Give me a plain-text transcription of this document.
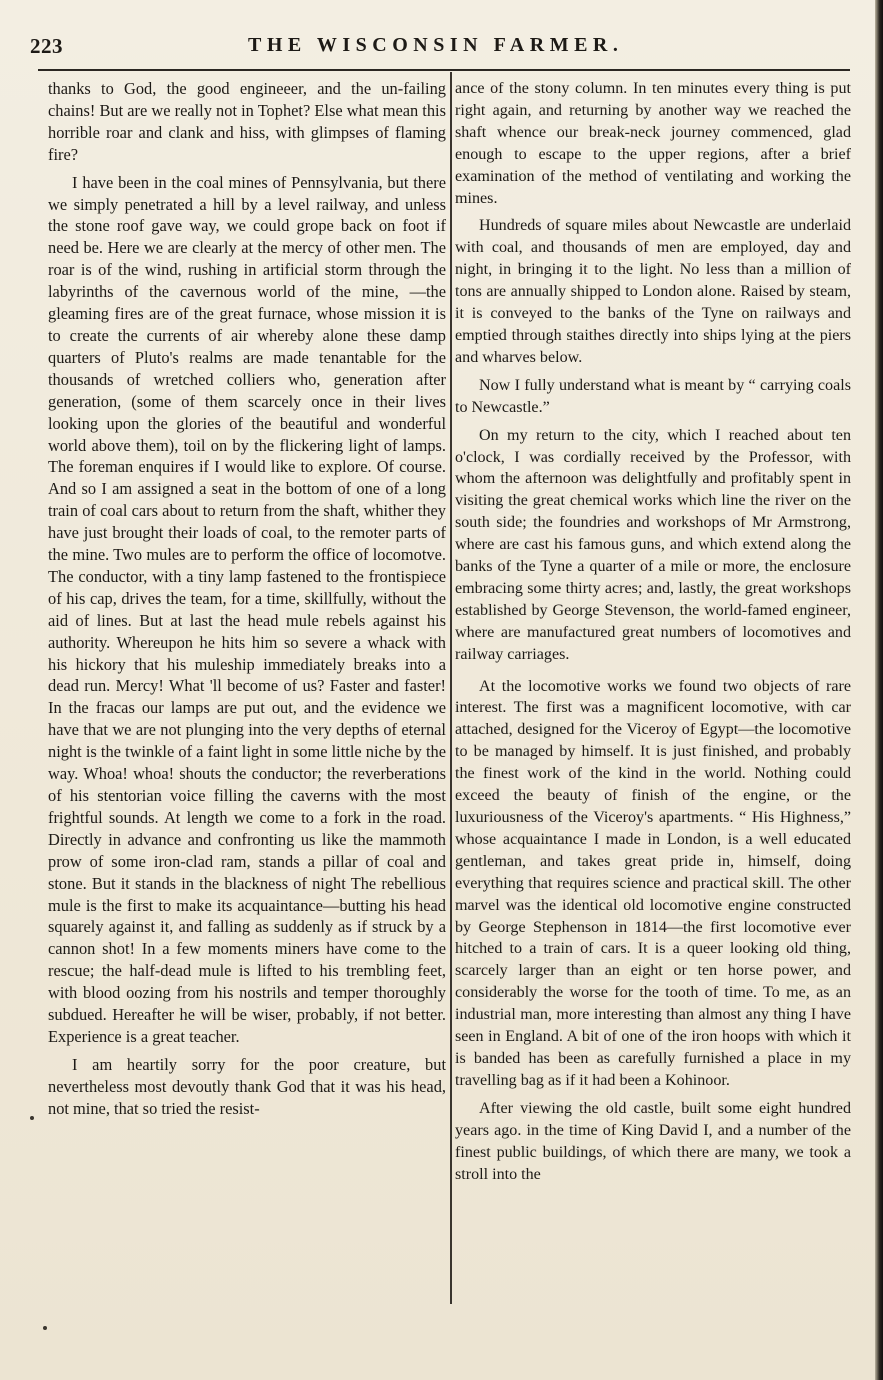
223	THE WISCONSIN FARMER.

thanks to God, the good engineeer, and the un-failing chains! But are we really not in Tophet? Else what mean this horrible roar and clank and hiss, with glimpses of flaming fire?

I have been in the coal mines of Pennsylvania, but there we simply penetrated a hill by a level railway, and unless the stone roof gave way, we could grope back on foot if need be. Here we are clearly at the mercy of other men. The roar is of the wind, rushing in artificial storm through the labyrinths of the cavernous world of the mine, —the gleaming fires are of the great furnace, whose mission it is to create the currents of air whereby alone these damp quarters of Pluto's realms are made tenantable for the thousands of wretched colliers who, generation after generation, (some of them scarcely once in their lives looking upon the glories of the beautiful and wonderful world above them), toil on by the flickering light of lamps. The foreman enquires if I would like to explore. Of course. And so I am assigned a seat in the bottom of one of a long train of coal cars about to return from the shaft, whither they have just brought their loads of coal, to the remoter parts of the mine. Two mules are to perform the office of locomotve. The conductor, with a tiny lamp fastened to the frontispiece of his cap, drives the team, for a time, skillfully, without the aid of lines. But at last the head mule rebels against his authority. Whereupon he hits him so severe a whack with his hickory that his muleship immediately breaks into a dead run. Mercy! What 'll become of us? Faster and faster! In the fracas our lamps are put out, and the evidence we have that we are not plunging into the very depths of eternal night is the twinkle of a faint light in some little niche by the way. Whoa! whoa! shouts the conductor; the reverberations of his stentorian voice filling the caverns with the most frightful sounds. At length we come to a fork in the road. Directly in advance and confronting us like the mammoth prow of some iron-clad ram, stands a pillar of coal and stone. But it stands in the blackness of night The rebellious mule is the first to make its acquaintance—butting his head squarely against it, and falling as suddenly as if struck by a cannon shot! In a few moments miners have come to the rescue; the half-dead mule is lifted to his trembling feet, with blood oozing from his nostrils and temper thoroughly subdued. Hereafter he will be wiser, probably, if not better. Experience is a great teacher.

I am heartily sorry for the poor creature, but nevertheless most devoutly thank God that it was his head, not mine, that so tried the resist-

ance of the stony column. In ten minutes every thing is put right again, and returning by another way we reached the shaft whence our break-neck journey commenced, glad enough to escape to the upper regions, after a brief examination of the method of ventilating and working the mines.

Hundreds of square miles about Newcastle are underlaid with coal, and thousands of men are employed, day and night, in bringing it to the light. No less than a million of tons are annually shipped to London alone. Raised by steam, it is conveyed to the banks of the Tyne on railways and emptied through staithes directly into ships lying at the piers and wharves below.

Now I fully understand what is meant by “ carrying coals to Newcastle.”

On my return to the city, which I reached about ten o'clock, I was cordially received by the Professor, with whom the afternoon was delightfully and profitably spent in visiting the great chemical works which line the river on the south side; the foundries and workshops of Mr Armstrong, where are cast his famous guns, and which extend along the banks of the Tyne a quarter of a mile or more, the enclosure embracing some thirty acres; and, lastly, the great workshops established by George Stevenson, the world-famed engineer, where are manufactured great numbers of locomotives and railway carriages.

At the locomotive works we found two objects of rare interest. The first was a magnificent locomotive, with car attached, designed for the Viceroy of Egypt—the locomotive to be managed by himself. It is just finished, and probably the finest work of the kind in the world. Nothing could exceed the beauty of finish of the engine, or the luxuriousness of the Viceroy's apartments. “ His Highness,” whose acquaintance I made in London, is a well educated gentleman, and takes great pride in, himself, doing everything that requires science and practical skill. The other marvel was the identical old locomotive engine constructed by George Stephenson in 1814—the first locomotive ever hitched to a train of cars. It is a queer looking old thing, scarcely larger than an eight or ten horse power, and considerably the worse for the tooth of time. To me, as an industrial man, more interesting than almost any thing I have seen in England. A bit of one of the iron hoops with which it is banded has been as carefully furnished a place in my travelling bag as if it had been a Kohinoor.

After viewing the old castle, built some eight hundred years ago. in the time of King David I, and a number of the finest public buildings, of which there are many, we took a stroll into the
